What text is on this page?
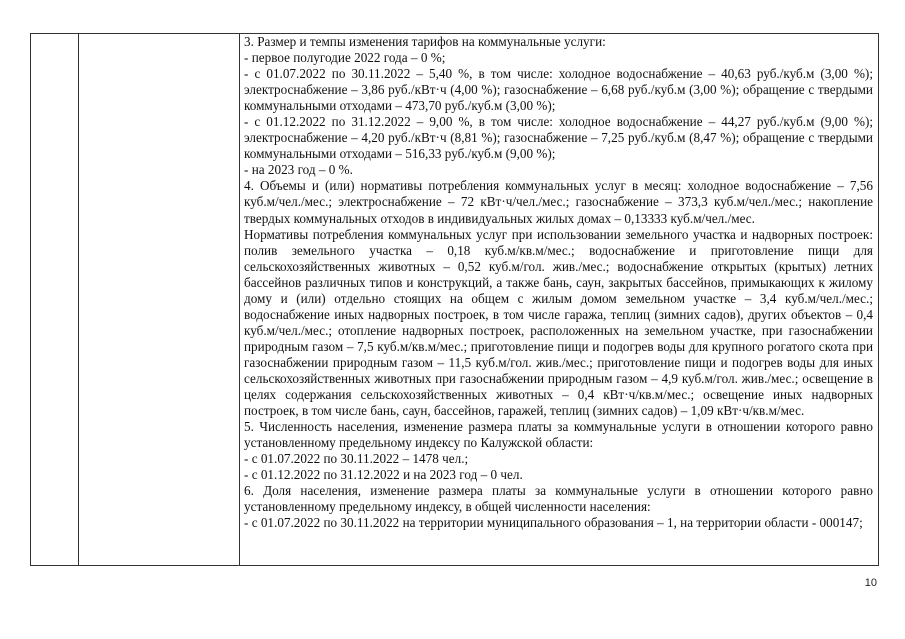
3. Размер и темпы изменения тарифов на коммунальные услуги:

- первое полугодие 2022 года – 0 %;

- с 01.07.2022 по 30.11.2022 – 5,40 %, в том числе: холодное водоснабжение – 40,63 руб./куб.м (3,00 %); электроснабжение – 3,86 руб./кВт·ч (4,00 %); газоснабжение – 6,68 руб./куб.м (3,00 %); обращение с твердыми коммунальными отходами – 473,70 руб./куб.м (3,00 %);

- с 01.12.2022 по 31.12.2022 – 9,00 %, в том числе: холодное водоснабжение – 44,27 руб./куб.м (9,00 %); электроснабжение – 4,20 руб./кВт·ч (8,81 %); газоснабжение – 7,25 руб./куб.м (8,47 %); обращение с твердыми коммунальными отходами – 516,33 руб./куб.м (9,00 %);

- на 2023 год – 0 %.

4. Объемы и (или) нормативы потребления коммунальных услуг в месяц: холодное водоснабжение – 7,56 куб.м/чел./мес.; электроснабжение – 72 кВт·ч/чел./мес.; газоснабжение – 373,3 куб.м/чел./мес.; накопление твердых коммунальных отходов в индивидуальных жилых домах – 0,13333 куб.м/чел./мес.

Нормативы потребления коммунальных услуг при использовании земельного участка и надворных построек: полив земельного участка – 0,18 куб.м/кв.м/мес.; водоснабжение и приготовление пищи для сельскохозяйственных животных – 0,52 куб.м/гол. жив./мес.; водоснабжение открытых (крытых) летних бассейнов различных типов и конструкций, а также бань, саун, закрытых бассейнов, примыкающих к жилому дому и (или) отдельно стоящих на общем с жилым домом земельном участке – 3,4 куб.м/чел./мес.; водоснабжение иных надворных построек, в том числе гаража, теплиц (зимних садов), других объектов – 0,4 куб.м/чел./мес.; отопление надворных построек, расположенных на земельном участке, при газоснабжении природным газом – 7,5 куб.м/кв.м/мес.; приготовление пищи и подогрев воды для крупного рогатого скота при газоснабжении природным газом – 11,5 куб.м/гол. жив./мес.; приготовление пищи и подогрев воды для иных сельскохозяйственных животных при газоснабжении природным газом – 4,9 куб.м/гол. жив./мес.; освещение в целях содержания сельскохозяйственных животных – 0,4 кВт·ч/кв.м/мес.; освещение иных надворных построек, в том числе бань, саун, бассейнов, гаражей, теплиц (зимних садов) – 1,09 кВт·ч/кв.м/мес.

5. Численность населения, изменение размера платы за коммунальные услуги в отношении которого равно установленному предельному индексу по Калужской области:

- с 01.07.2022 по 30.11.2022 – 1478 чел.;

- с 01.12.2022 по 31.12.2022 и на 2023 год – 0 чел.

6. Доля населения, изменение размера платы за коммунальные услуги в отношении которого равно установленному предельному индексу, в общей численности населения:

- с 01.07.2022 по 30.11.2022 на территории муниципального образования – 1, на территории области - 000147;

10
